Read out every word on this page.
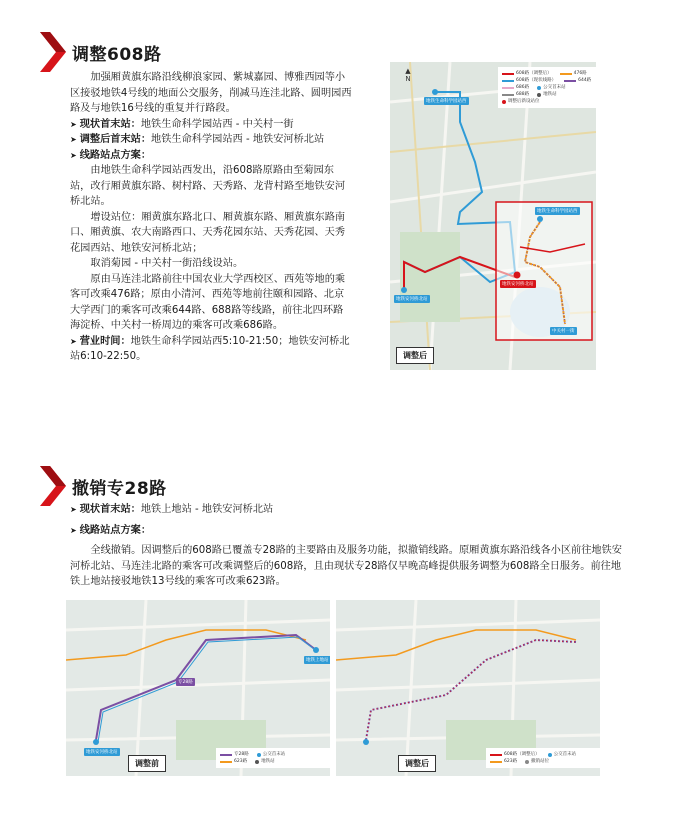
调整608路
加强厢黄旗东路沿线柳浪家园、紫城嘉园、博雅西园等小区接驳地铁4号线的地面公交服务，削减马连洼北路、圆明园西路及与地铁16号线的重复并行路段。
➤ 现状首末站：地铁生命科学园站西 - 中关村一街
➤ 调整后首末站：地铁生命科学园站西 - 地铁安河桥北站
➤ 线路站点方案：
由地铁生命科学园站西发出，沿608路原路由至菊园东站，改行厢黄旗东路、树村路、天秀路、龙背村路至地铁安河桥北站。
增设站位：厢黄旗东路北口、厢黄旗东路、厢黄旗东路南口、厢黄旗、农大南路西口、天秀花园东站、天秀花园、天秀花园西站、地铁安河桥北站；
取消菊园 - 中关村一街沿线设站。
原由马连洼北路前往中国农业大学西校区、西苑等地的乘客可改乘476路；原由小清河、西苑等地前往颐和园路、北京大学西门的乘客可改乘644路、688路等线路，前往北四环路海淀桥、中关村一桥周边的乘客可改乘686路。
➤ 营业时间：地铁生命科学园站西5:10-21:50；地铁安河桥北站6:10-22:50。
▲
N
608路（调整后）	476路
608路（现状线路）	644路
686路	公交首末站
688路	地铁站
调整后新设站位
地铁生命科学园站西
地铁安河桥北站
中关村一街
地铁生命科学园站西
地铁安河桥北站
调整后
撤销专28路
➤ 现状首末站：地铁上地站 - 地铁安河桥北站
➤ 线路站点方案：
全线撤销。因调整后的608路已覆盖专28路的主要路由及服务功能，拟撤销线路。原厢黄旗东路沿线各小区前往地铁安河桥北站、马连洼北路的乘客可改乘调整后的608路，且由现状专28路仅早晚高峰提供服务调整为608路全日服务。前往地铁上地站接驳地铁13号线的乘客可改乘623路。
地铁上地站
地铁安河桥北站
专28路
专28路	公交首末站
623路	地铁站
调整前
608路（调整后）	公交首末站
623路	撤销站位
调整后
